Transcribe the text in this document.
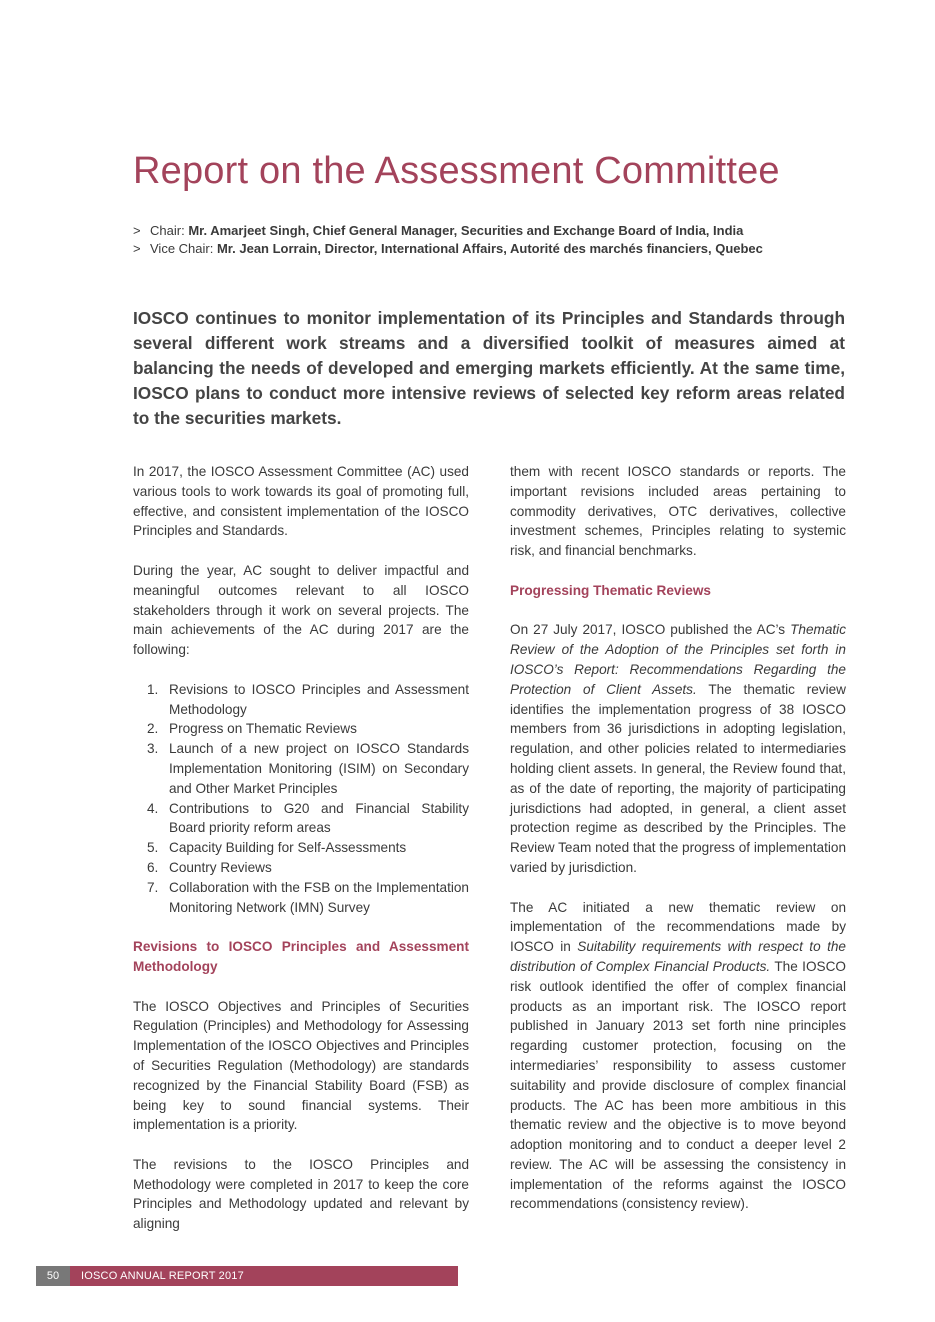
Report on the Assessment Committee
> Chair: Mr. Amarjeet Singh, Chief General Manager, Securities and Exchange Board of India, India
> Vice Chair: Mr. Jean Lorrain, Director, International Affairs, Autorité des marchés financiers, Quebec

IOSCO continues to monitor implementation of its Principles and Standards through several different work streams and a diversified toolkit of measures aimed at balancing the needs of developed and emerging markets efficiently. At the same time, IOSCO plans to conduct more intensive reviews of selected key reform areas related to the securities markets.

In 2017, the IOSCO Assessment Committee (AC) used various tools to work towards its goal of promoting full, effective, and consistent implementation of the IOSCO Principles and Standards.

During the year, AC sought to deliver impactful and meaningful outcomes relevant to all IOSCO stakeholders through it work on several projects. The main achievements of the AC during 2017 are the following:

1. Revisions to IOSCO Principles and Assessment Methodology
2. Progress on Thematic Reviews
3. Launch of a new project on IOSCO Standards Implementation Monitoring (ISIM) on Secondary and Other Market Principles
4. Contributions to G20 and Financial Stability Board priority reform areas
5. Capacity Building for Self-Assessments
6. Country Reviews
7. Collaboration with the FSB on the Implementation Monitoring Network (IMN) Survey
Revisions to IOSCO Principles and Assessment Methodology

The IOSCO Objectives and Principles of Securities Regulation (Principles) and Methodology for Assessing Implementation of the IOSCO Objectives and Principles of Securities Regulation (Methodology) are standards recognized by the Financial Stability Board (FSB) as being key to sound financial systems. Their implementation is a priority.

The revisions to the IOSCO Principles and Methodology were completed in 2017 to keep the core Principles and Methodology updated and relevant by aligning

them with recent IOSCO standards or reports. The important revisions included areas pertaining to commodity derivatives, OTC derivatives, collective investment schemes, Principles relating to systemic risk, and financial benchmarks.

Progressing Thematic Reviews

On 27 July 2017, IOSCO published the AC’s Thematic Review of the Adoption of the Principles set forth in IOSCO’s Report: Recommendations Regarding the Protection of Client Assets. The thematic review identifies the implementation progress of 38 IOSCO members from 36 jurisdictions in adopting legislation, regulation, and other policies related to intermediaries holding client assets. In general, the Review found that, as of the date of reporting, the majority of participating jurisdictions had adopted, in general, a client asset protection regime as described by the Principles. The Review Team noted that the progress of implementation varied by jurisdiction.

The AC initiated a new thematic review on implementation of the recommendations made by IOSCO in Suitability requirements with respect to the distribution of Complex Financial Products. The IOSCO risk outlook identified the offer of complex financial products as an important risk. The IOSCO report published in January 2013 set forth nine principles regarding customer protection, focusing on the intermediaries’ responsibility to assess customer suitability and provide disclosure of complex financial products. The AC has been more ambitious in this thematic review and the objective is to move beyond adoption monitoring and to conduct a deeper level 2 review. The AC will be assessing the consistency in implementation of the reforms against the IOSCO recommendations (consistency review).

50	IOSCO ANNUAL REPORT 2017
